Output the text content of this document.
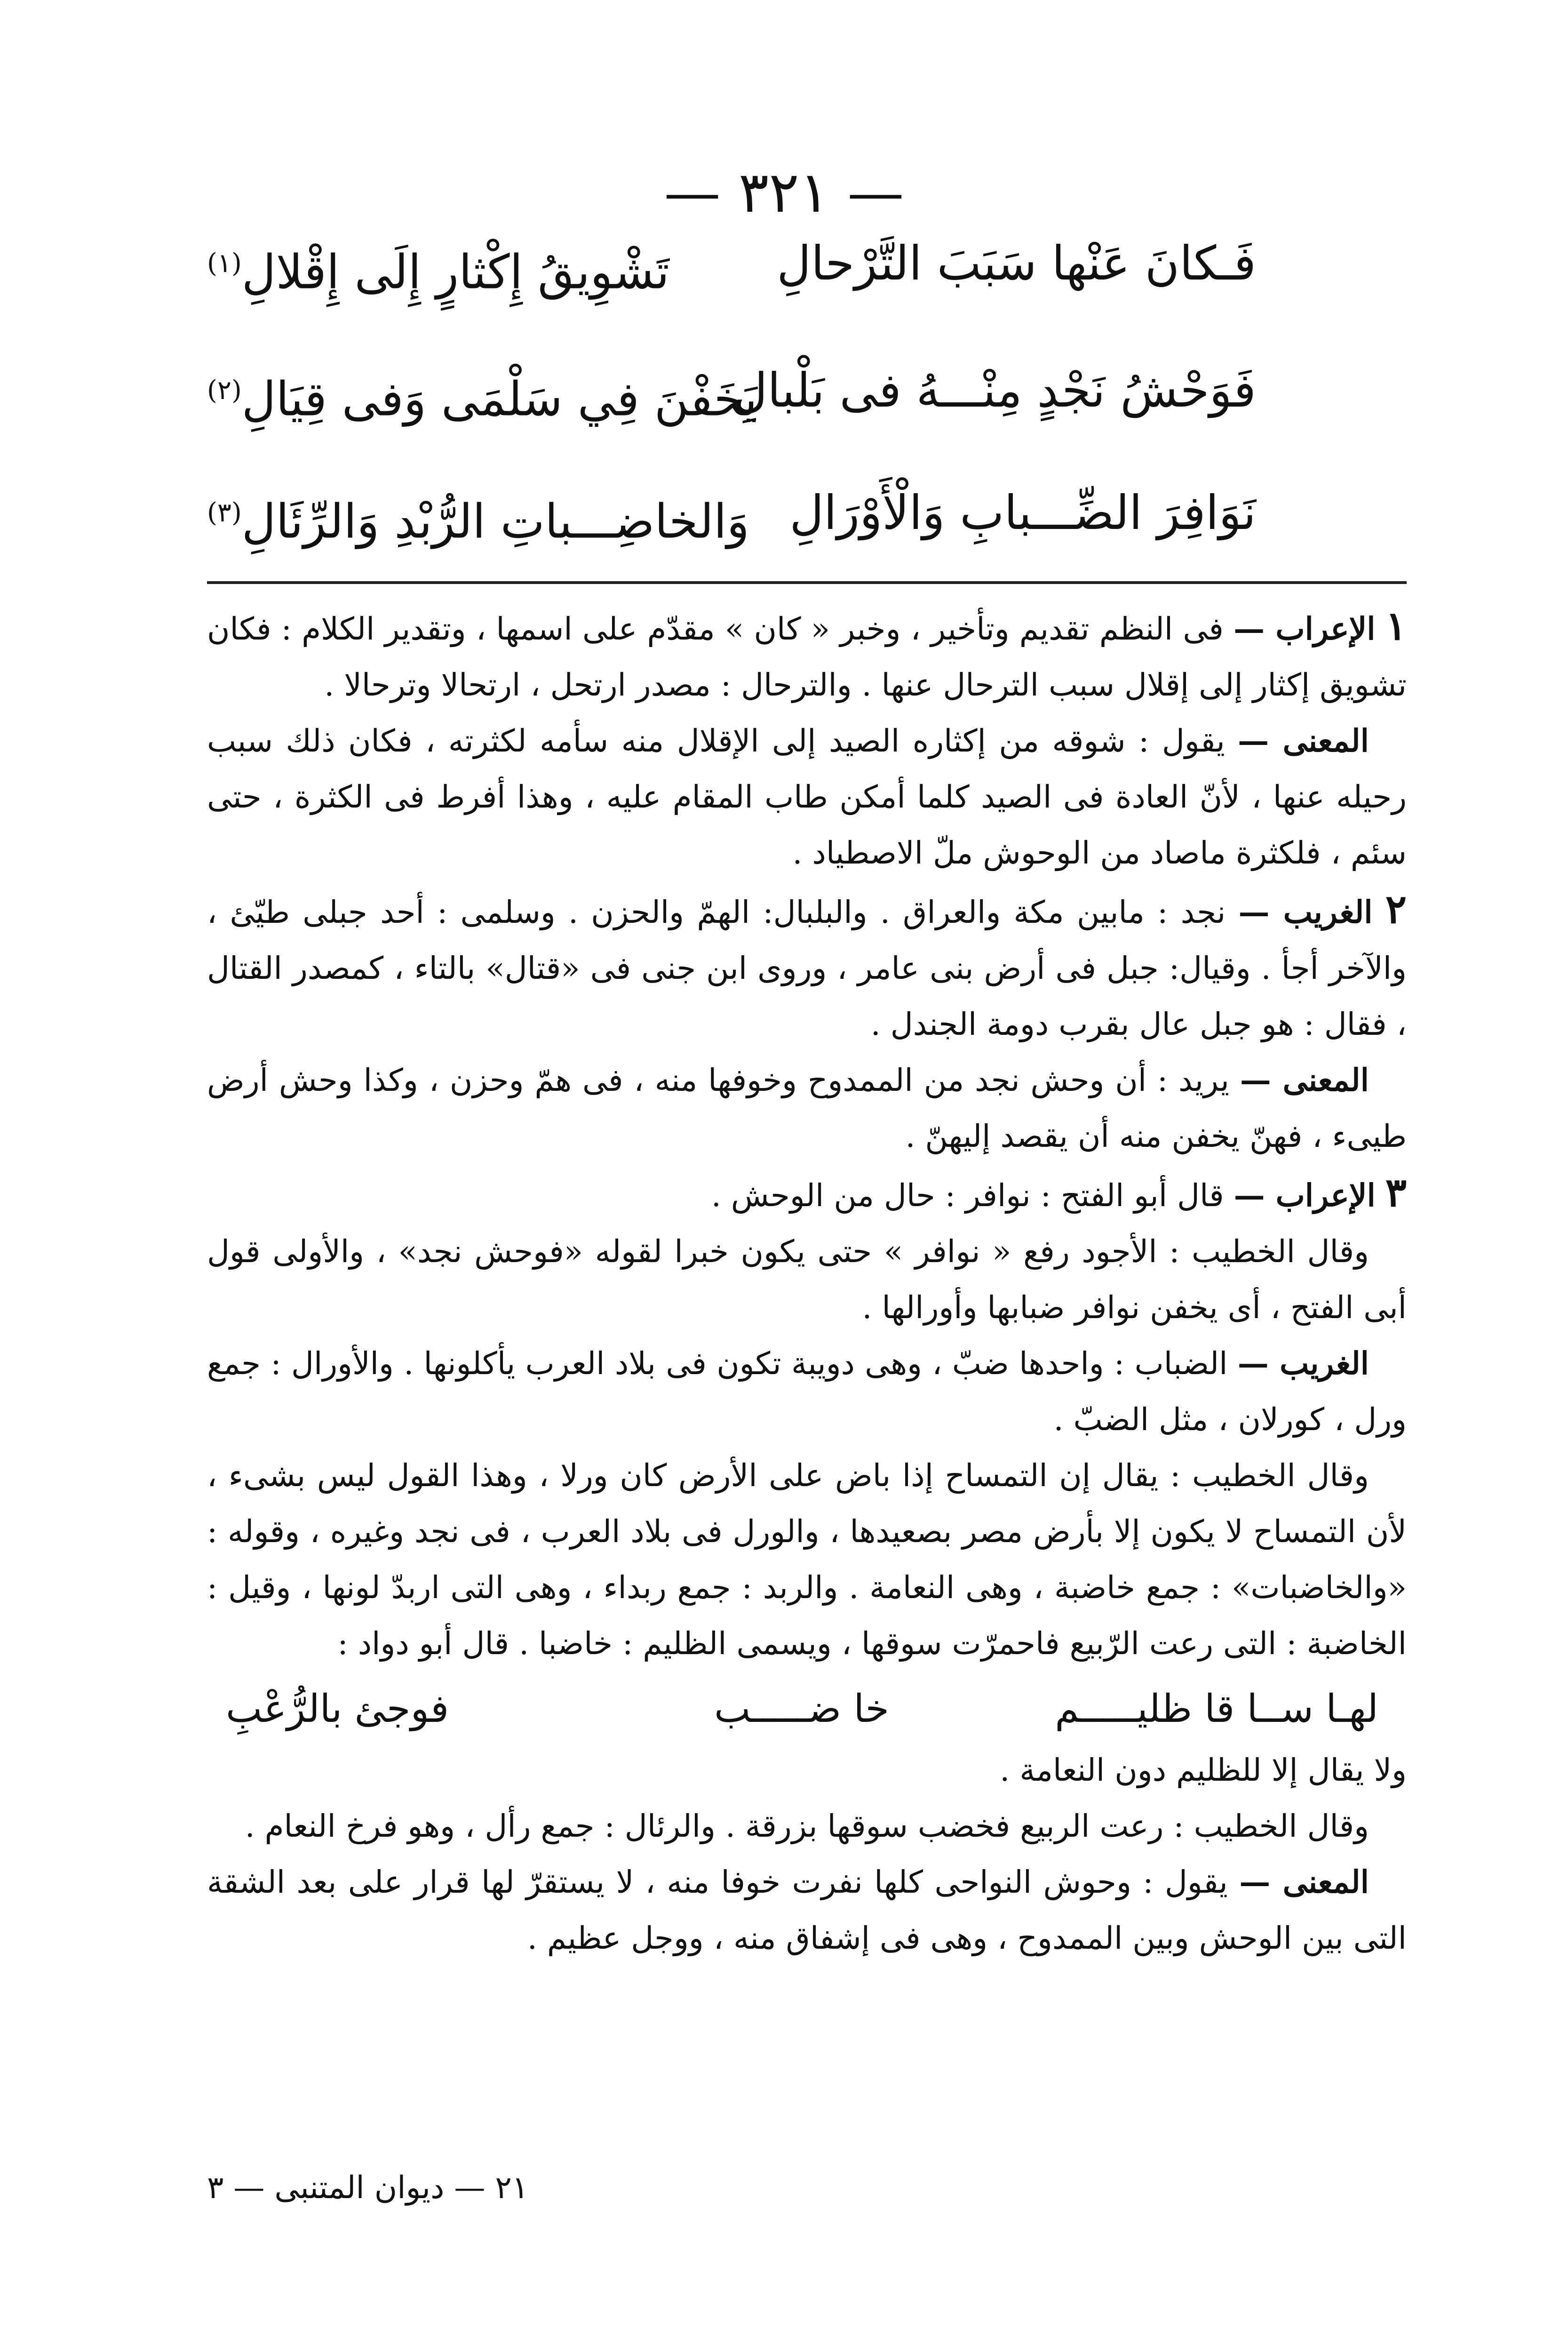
— ٣٢١ —
فَـكانَ عَنْها سَبَبَ التَّرْحالِ
تَشْوِيقُ إِكْثارٍ إِلَى إِقْلالِ$^{(١)}$
فَوَحْشُ نَجْدٍ مِنْـــهُ فى بَلْبالِ
يَخَفْنَ فِي سَلْمَى وَفى قِيَالِ$^{(٢)}$
نَوَافِرَ الضِّـــبابِ وَالْأَوْرَالِ
وَالخاضِـــباتِ الرُّبْدِ وَالرِّئَالِ$^{(٣)}$

١ الإعراب — فى النظم تقديم وتأخير ، وخبر « كان » مقدّم على اسمها ، وتقدير الكلام : فكان تشويق إكثار إلى إقلال سبب الترحال عنها . والترحال : مصدر ارتحل ، ارتحالا وترحالا .

المعنى — يقول : شوقه من إكثاره الصيد إلى الإقلال منه سأمه لكثرته ، فكان ذلك سبب رحيله عنها ، لأنّ العادة فى الصيد كلما أمكن طاب المقام عليه ، وهذا أفرط فى الكثرة ، حتى سئم ، فلكثرة ماصاد من الوحوش ملّ الاصطياد .

٢ الغريب — نجد : مابين مكة والعراق . والبلبال: الهمّ والحزن . وسلمى : أحد جبلى طيّئ ، والآخر أجأ . وقيال: جبل فى أرض بنى عامر ، وروى ابن جنى فى «قتال» بالتاء ، كمصدر القتال ، فقال : هو جبل عال بقرب دومة الجندل .

المعنى — يريد : أن وحش نجد من الممدوح وخوفها منه ، فى همّ وحزن ، وكذا وحش أرض طيىء ، فهنّ يخفن منه أن يقصد إليهنّ .

٣ الإعراب — قال أبو الفتح : نوافر : حال من الوحش .

وقال الخطيب : الأجود رفع « نوافر » حتى يكون خبرا لقوله «فوحش نجد» ، والأولى قول أبى الفتح ، أى يخفن نوافر ضبابها وأورالها .

الغريب — الضباب : واحدها ضبّ ، وهى دويبة تكون فى بلاد العرب يأكلونها . والأورال : جمع ورل ، كورلان ، مثل الضبّ .

وقال الخطيب : يقال إن التمساح إذا باض على الأرض كان ورلا ، وهذا القول ليس بشىء ، لأن التمساح لا يكون إلا بأرض مصر بصعيدها ، والورل فى بلاد العرب ، فى نجد وغيره ، وقوله : «والخاضبات» : جمع خاضبة ، وهى النعامة . والربد : جمع ربداء ، وهى التى اربدّ لونها ، وقيل : الخاضبة : التى رعت الرّبيع فاحمرّت سوقها ، ويسمى الظليم : خاضبا . قال أبو دواد :

لهـا ســا قا ظليـــــم
خا ضـــــب
فوجئ بالرُّعْبِ

ولا يقال إلا للظليم دون النعامة .

وقال الخطيب : رعت الربيع فخضب سوقها بزرقة . والرئال : جمع رأل ، وهو فرخ النعام .

المعنى — يقول : وحوش النواحى كلها نفرت خوفا منه ، لا يستقرّ لها قرار على بعد الشقة التى بين الوحش وبين الممدوح ، وهى فى إشفاق منه ، ووجل عظيم .

٢١ — ديوان المتنبى — ٣
